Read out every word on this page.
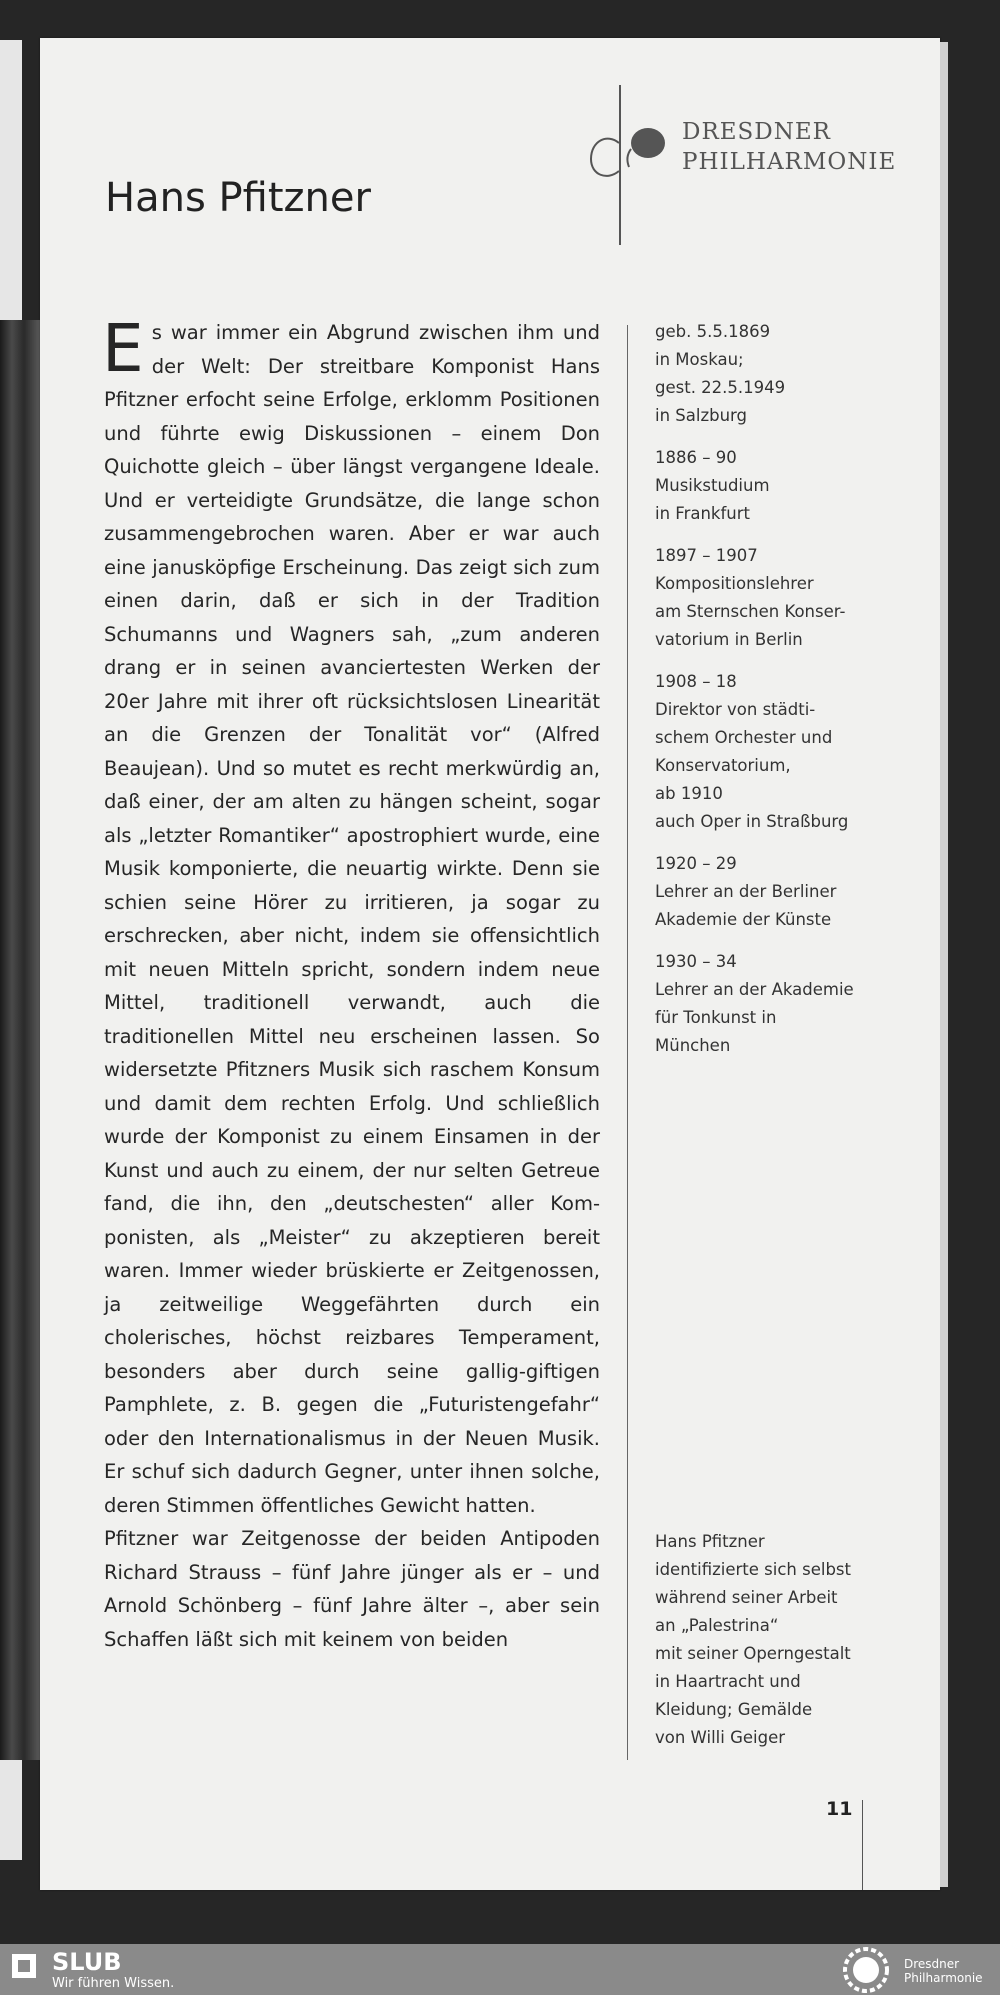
DRESDNER
PHILHARMONIE
Hans Pfitzner

Es war immer ein Abgrund zwischen ihm und der Welt: Der streitbare Komponist Hans Pfitzner erfocht seine Erfolge, erklomm Positionen und führte ewig Diskussionen – einem Don Quichotte gleich – über längst vergangene Ideale. Und er verteidigte Grundsätze, die lange schon zusammengebrochen waren. Aber er war auch eine janusköpfige Erscheinung. Das zeigt sich zum einen darin, daß er sich in der Tradition Schumanns und Wagners sah, „zum anderen drang er in seinen avanciertesten Werken der 20er Jahre mit ihrer oft rücksichtslosen Linearität an die Grenzen der Tonalität vor“ (Alfred Beaujean). Und so mutet es recht merkwürdig an, daß einer, der am alten zu hängen scheint, sogar als „letzter Romantiker“ apostrophiert wurde, eine Musik komponierte, die neuartig wirkte. Denn sie schien seine Hörer zu irritieren, ja sogar zu erschrecken, aber nicht, indem sie offensichtlich mit neuen Mitteln spricht, sondern indem neue Mittel, traditionell verwandt, auch die traditionellen Mittel neu erscheinen lassen. So widersetzte Pfitzners Musik sich raschem Konsum und damit dem rechten Erfolg. Und schließlich wurde der Komponist zu einem Einsamen in der Kunst und auch zu einem, der nur selten Getreue fand, die ihn, den „deutschesten“ aller Komponisten, als „Meister“ zu akzeptieren bereit waren. Immer wieder brüskierte er Zeitgenossen, ja zeitweilige Weggefährten durch ein cholerisches, höchst reizbares Temperament, besonders aber durch seine gallig-giftigen Pamphlete, z. B. gegen die „Futuristengefahr“ oder den Internationalismus in der Neuen Musik. Er schuf sich dadurch Gegner, unter ihnen solche, deren Stimmen öffentliches Gewicht hatten.

Pfitzner war Zeitgenosse der beiden Antipoden Richard Strauss – fünf Jahre jünger als er – und Arnold Schönberg – fünf Jahre älter –, aber sein Schaffen läßt sich mit keinem von beiden

geb. 5.5.1869
in Moskau;
gest. 22.5.1949
in Salzburg
1886 – 90
Musikstudium
in Frankfurt
1897 – 1907
Kompositionslehrer
am Sternschen Konser-
vatorium in Berlin
1908 – 18
Direktor von städti-
schem Orchester und
Konservatorium,
ab 1910
auch Oper in Straßburg
1920 – 29
Lehrer an der Berliner
Akademie der Künste
1930 – 34
Lehrer an der Akademie
für Tonkunst in
München
Hans Pfitzner
identifizierte sich selbst
während seiner Arbeit
an „Palestrina“
mit seiner Operngestalt
in Haartracht und
Kleidung; Gemälde
von Willi Geiger
11
SLUB
Wir führen Wissen.
Dresdner
Philharmonie
